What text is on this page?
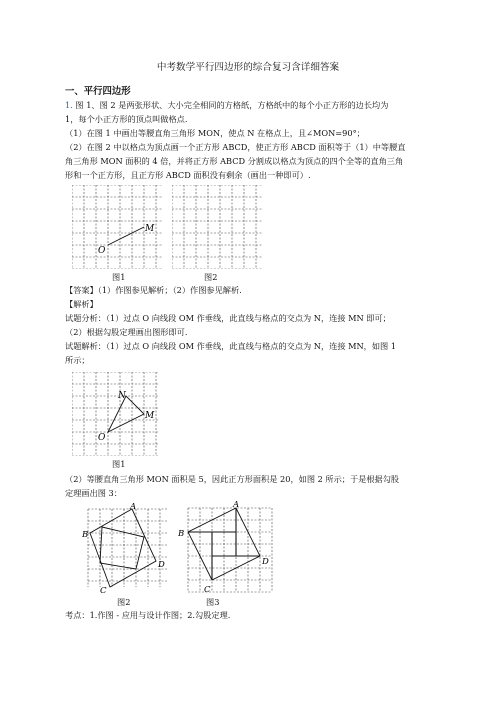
中考数学平行四边形的综合复习含详细答案
一、平行四边形
1. 图 1、图 2 是两张形状、大小完全相同的方格纸，方格纸中的每个小正方形的边长均为
1，每个小正方形的顶点叫做格点.
（1）在图 1 中画出等腰直角三角形 MON，使点 N 在格点上，且∠MON=90°；
（2）在图 2 中以格点为顶点画一个正方形 ABCD，使正方形 ABCD 面积等于（1）中等腰直
角三角形 MON 面积的 4 倍，并将正方形 ABCD 分割成以格点为顶点的四个全等的直角三角
形和一个正方形，且正方形 ABCD 面积没有剩余（画出一种即可）.
O
M
图1	图2
【答案】（1）作图参见解析；（2）作图参见解析.
【解析】
试题分析：（1）过点 O 向线段 OM 作垂线，此直线与格点的交点为 N，连接 MN 即可；
（2）根据勾股定理画出图形即可.
试题解析：（1）过点 O 向线段 OM 作垂线，此直线与格点的交点为 N，连接 MN，如图 1
所示；
O
M
N
图1
（2）等腰直角三角形 MON 面积是 5，因此正方形面积是 20，如图 2 所示；于是根据勾股
定理画出图 3：
A
B
C
D
A
B
C
D
图2	图3
考点：1.作图 - 应用与设计作图；2.勾股定理.
